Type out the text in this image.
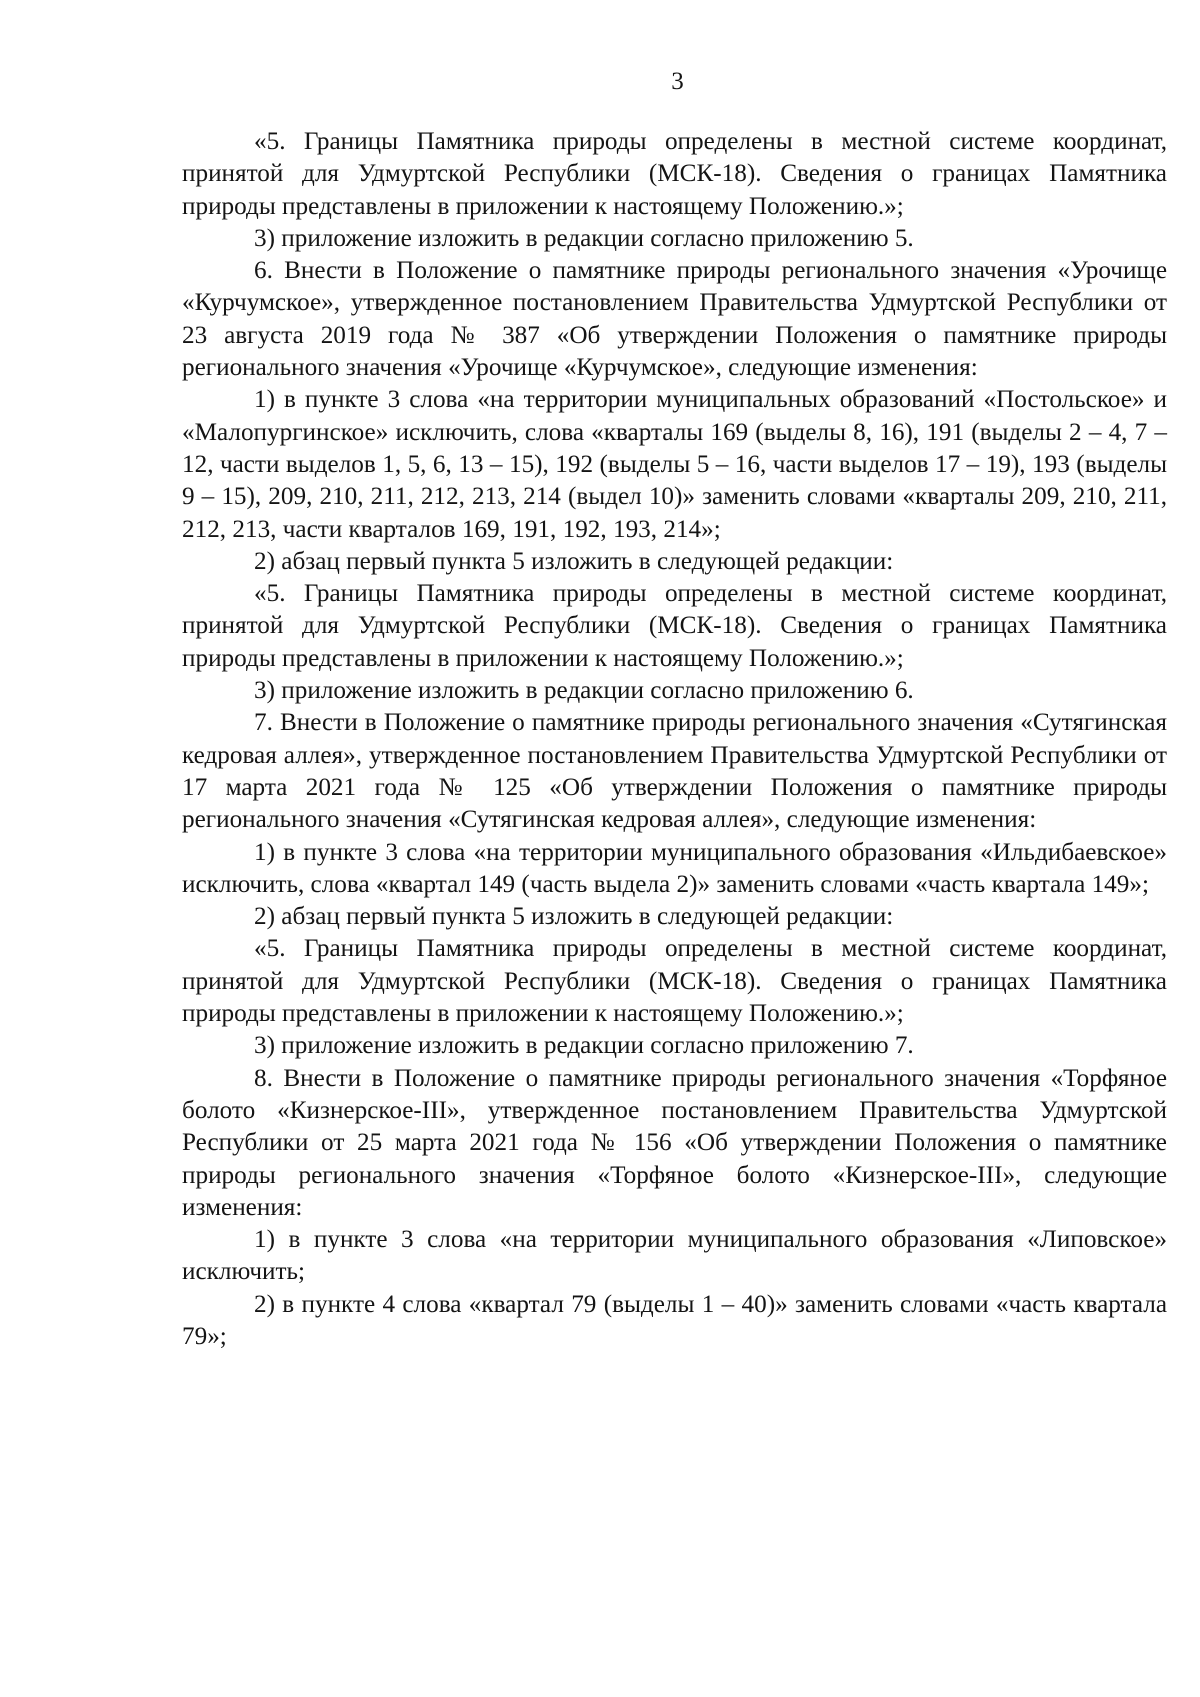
3

«5. Границы Памятника природы определены в местной системе координат, принятой для Удмуртской Республики (МСК-18). Сведения о границах Памятника природы представлены в приложении к настоящему Положению.»;

3) приложение изложить в редакции согласно приложению 5.

6. Внести в Положение о памятнике природы регионального значения «Урочище «Курчумское», утвержденное постановлением Правительства Удмуртской Республики от 23 августа 2019 года № 387 «Об утверждении Положения о памятнике природы регионального значения «Урочище «Курчумское», следующие изменения:

1) в пункте 3 слова «на территории муниципальных образований «Постольское» и «Малопургинское» исключить, слова «кварталы 169 (выделы 8, 16), 191 (выделы 2 – 4, 7 – 12, части выделов 1, 5, 6, 13 – 15), 192 (выделы 5 – 16, части выделов 17 – 19), 193 (выделы 9 – 15), 209, 210, 211, 212, 213, 214 (выдел 10)» заменить словами «кварталы 209, 210, 211, 212, 213, части кварталов 169, 191, 192, 193, 214»;

2) абзац первый пункта 5 изложить в следующей редакции:

«5. Границы Памятника природы определены в местной системе координат, принятой для Удмуртской Республики (МСК-18). Сведения о границах Памятника природы представлены в приложении к настоящему Положению.»;

3) приложение изложить в редакции согласно приложению 6.

7. Внести в Положение о памятнике природы регионального значения «Сутягинская кедровая аллея», утвержденное постановлением Правительства Удмуртской Республики от 17 марта 2021 года № 125 «Об утверждении Положения о памятнике природы регионального значения «Сутягинская кедровая аллея», следующие изменения:

1) в пункте 3 слова «на территории муниципального образования «Ильдибаевское» исключить, слова «квартал 149 (часть выдела 2)» заменить словами «часть квартала 149»;

2) абзац первый пункта 5 изложить в следующей редакции:

«5. Границы Памятника природы определены в местной системе координат, принятой для Удмуртской Республики (МСК-18). Сведения о границах Памятника природы представлены в приложении к настоящему Положению.»;

3) приложение изложить в редакции согласно приложению 7.

8. Внести в Положение о памятнике природы регионального значения «Торфяное болото «Кизнерское-III», утвержденное постановлением Правительства Удмуртской Республики от 25 марта 2021 года № 156 «Об утверждении Положения о памятнике природы регионального значения «Торфяное болото «Кизнерское-III», следующие изменения:

1) в пункте 3 слова «на территории муниципального образования «Липовское» исключить;

2) в пункте 4 слова «квартал 79 (выделы 1 – 40)» заменить словами «часть квартала 79»;
